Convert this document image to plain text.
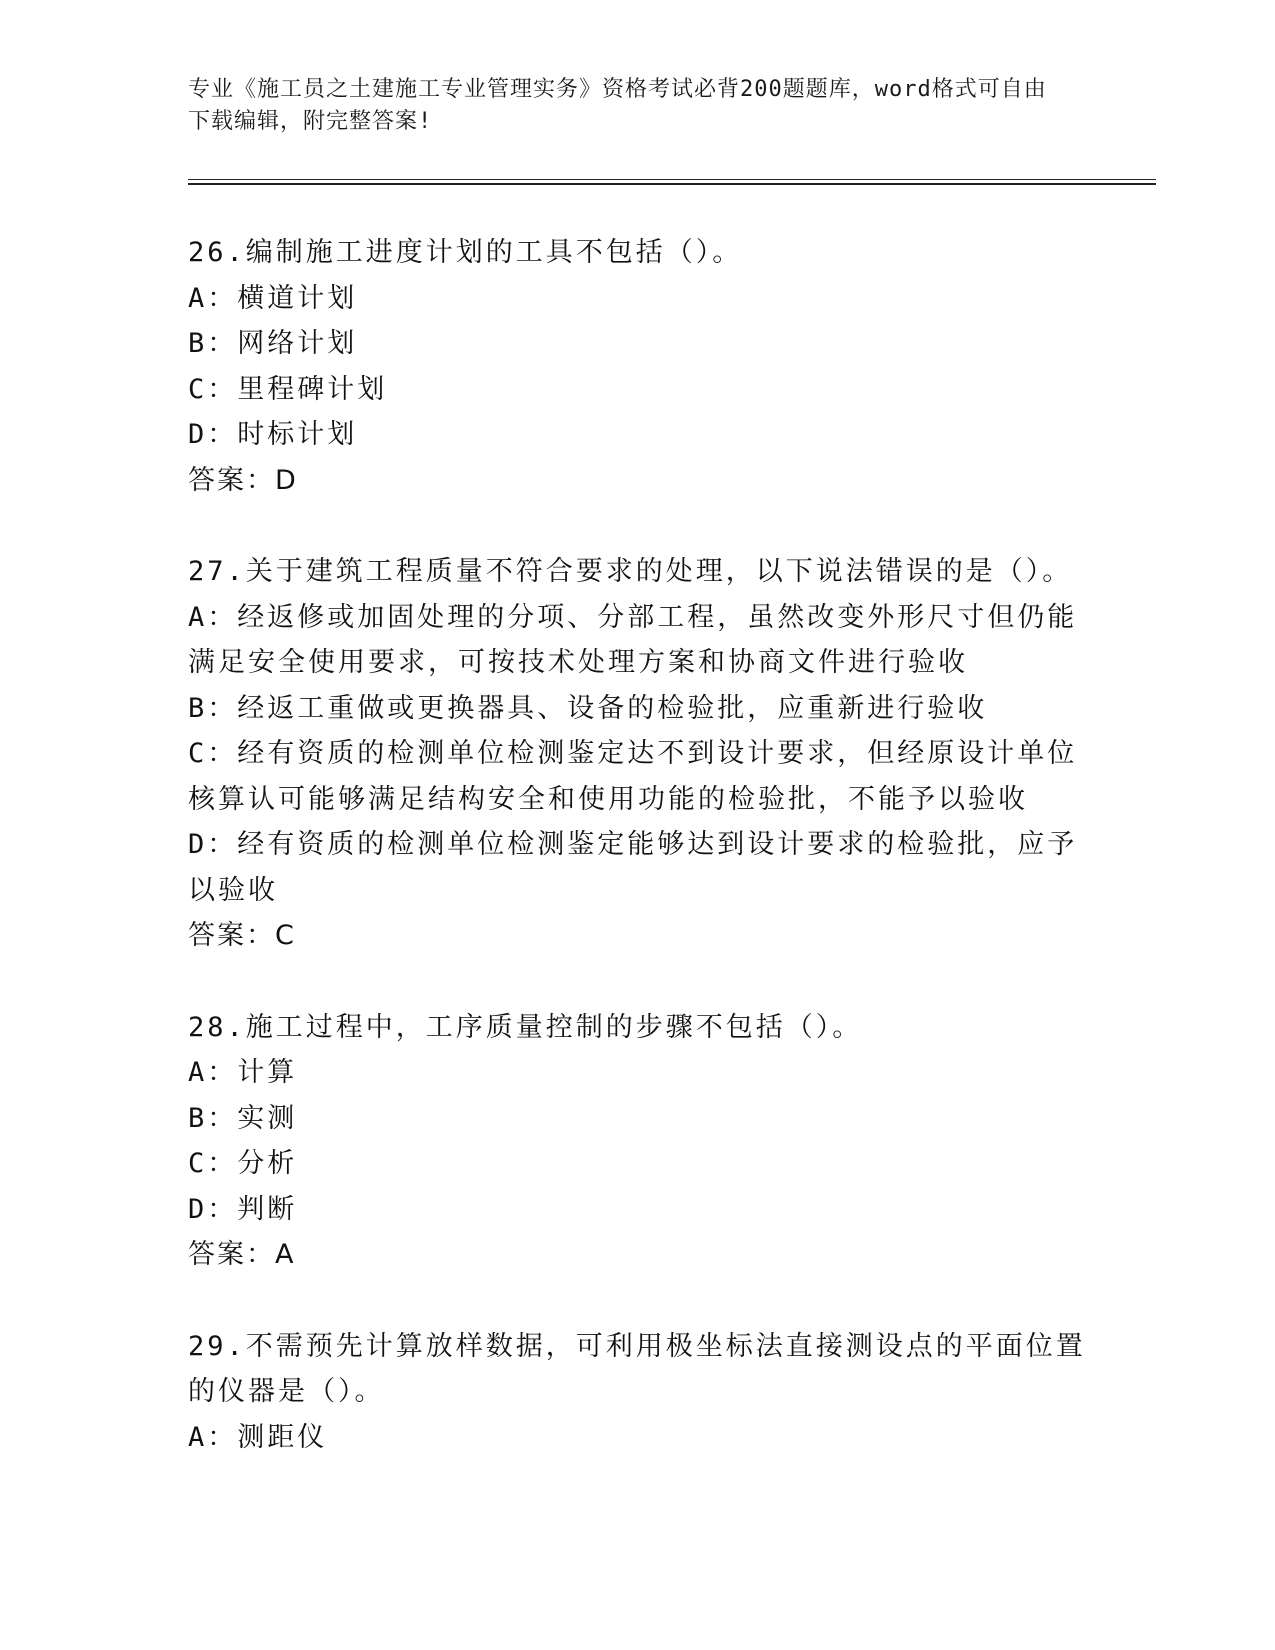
专业《施工员之土建施工专业管理实务》资格考试必背200题题库，word格式可自由下载编辑，附完整答案!

26.编制施工进度计划的工具不包括（）。

A：横道计划

B：网络计划

C：里程碑计划

D：时标计划

答案：D

27.关于建筑工程质量不符合要求的处理，以下说法错误的是（）。

A：经返修或加固处理的分项、分部工程，虽然改变外形尺寸但仍能满足安全使用要求，可按技术处理方案和协商文件进行验收

B：经返工重做或更换器具、设备的检验批，应重新进行验收

C：经有资质的检测单位检测鉴定达不到设计要求，但经原设计单位核算认可能够满足结构安全和使用功能的检验批，不能予以验收

D：经有资质的检测单位检测鉴定能够达到设计要求的检验批，应予以验收

答案：C

28.施工过程中，工序质量控制的步骤不包括（）。

A：计算

B：实测

C：分析

D：判断

答案：A

29.不需预先计算放样数据，可利用极坐标法直接测设点的平面位置的仪器是（）。

A：测距仪
